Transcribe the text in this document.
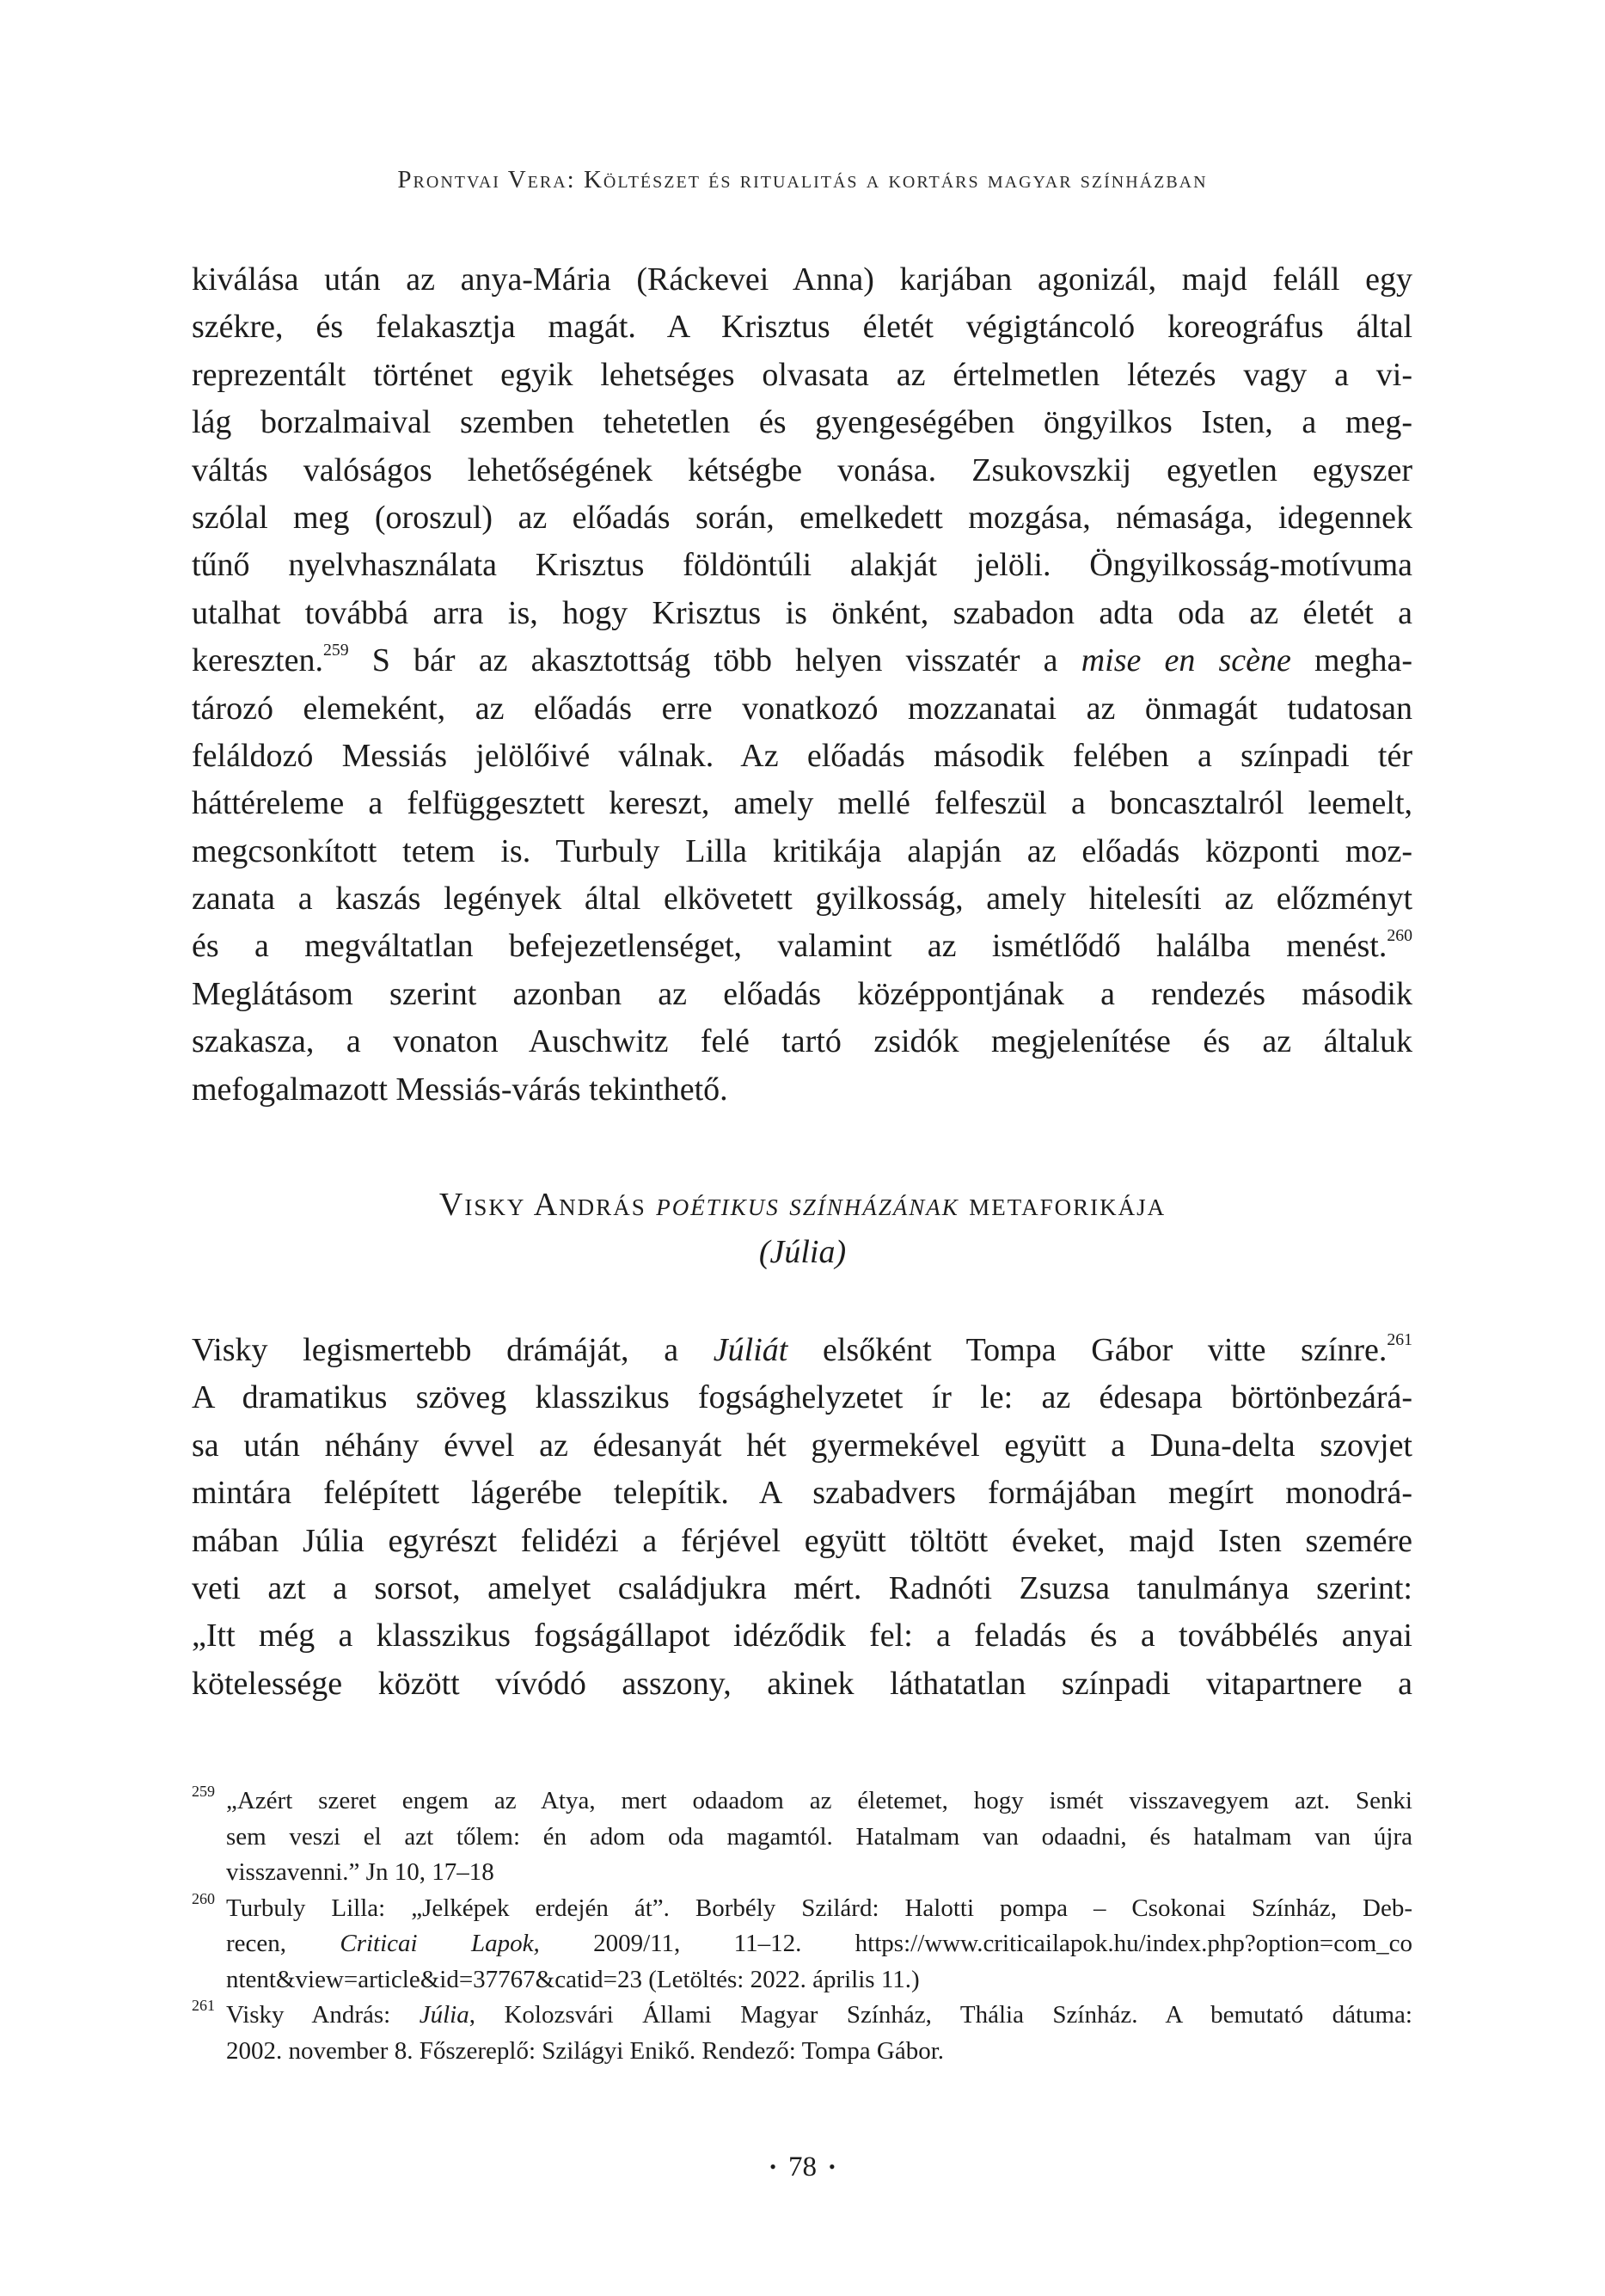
Prontvai Vera: Költészet és ritualitás a kortárs magyar színházban
kiválása után az anya-Mária (Ráckevei Anna) karjában agonizál, majd feláll egy
székre, és felakasztja magát. A Krisztus életét végigtáncoló koreográfus által
reprezentált történet egyik lehetséges olvasata az értelmetlen létezés vagy a vi-
lág borzalmaival szemben tehetetlen és gyengeségében öngyilkos Isten, a meg-
váltás valóságos lehetőségének kétségbe vonása. Zsukovszkij egyetlen egyszer
szólal meg (oroszul) az előadás során, emelkedett mozgása, némasága, idegennek
tűnő nyelvhasználata Krisztus földöntúli alakját jelöli. Öngyilkosság-motívuma
utalhat továbbá arra is, hogy Krisztus is önként, szabadon adta oda az életét a
kereszten.$^{259}$ S bár az akasztottság több helyen visszatér a mise en scène megha-
tározó elemeként, az előadás erre vonatkozó mozzanatai az önmagát tudatosan
feláldozó Messiás jelölőivé válnak. Az előadás második felében a színpadi tér
háttéreleme a felfüggesztett kereszt, amely mellé felfeszül a boncasztalról leemelt,
megcsonkított tetem is. Turbuly Lilla kritikája alapján az előadás központi moz-
zanata a kaszás legények által elkövetett gyilkosság, amely hitelesíti az előzményt
és a megváltatlan befejezetlenséget, valamint az ismétlődő halálba menést.$^{260}$
Meglátásom szerint azonban az előadás középpontjának a rendezés második
szakasza, a vonaton Auschwitz felé tartó zsidók megjelenítése és az általuk
mefogalmazott Messiás-várás tekinthető.
Visky András poétikus színházának metaforikája
(Júlia)
Visky legismertebb drámáját, a Júliát elsőként Tompa Gábor vitte színre.$^{261}$
A dramatikus szöveg klasszikus fogsághelyzetet ír le: az édesapa börtönbezárá-
sa után néhány évvel az édesanyát hét gyermekével együtt a Duna-delta szovjet
mintára felépített lágerébe telepítik. A szabadvers formájában megírt monodrá-
mában Júlia egyrészt felidézi a férjével együtt töltött éveket, majd Isten szemére
veti azt a sorsot, amelyet családjukra mért. Radnóti Zsuzsa tanulmánya szerint:
„Itt még a klasszikus fogságállapot idéződik fel: a feladás és a továbbélés anyai
kötelessége között vívódó asszony, akinek láthatatlan színpadi vitapartnere a
259 „Azért szeret engem az Atya, mert odaadom az életemet, hogy ismét visszavegyem azt. Senki
sem veszi el azt tőlem: én adom oda magamtól. Hatalmam van odaadni, és hatalmam van újra
visszavenni.” Jn 10, 17–18
260 Turbuly Lilla: „Jelképek erdején át”. Borbély Szilárd: Halotti pompa – Csokonai Színház, Deb-
recen, Criticai Lapok, 2009/11, 11–12. https://www.criticailapok.hu/index.php?option=com_co
ntent&view=article&id=37767&catid=23 (Letöltés: 2022. április 11.)
261 Visky András: Júlia, Kolozsvári Állami Magyar Színház, Thália Színház. A bemutató dátuma:
2002. november 8. Főszereplő: Szilágyi Enikő. Rendező: Tompa Gábor.
• 78 •
